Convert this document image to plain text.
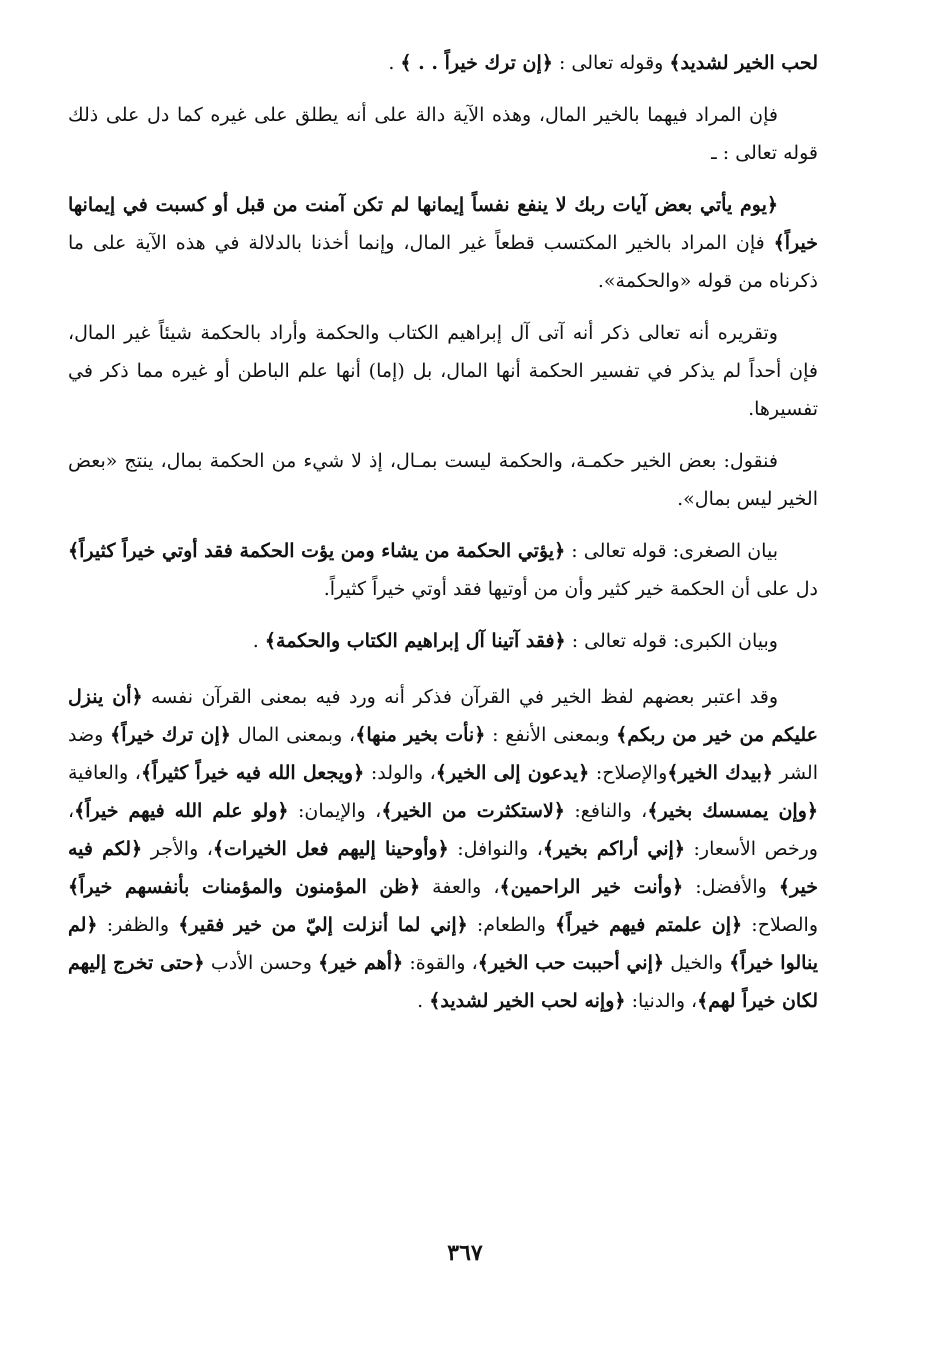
لحب الخير لشديد﴾ وقوله تعالى : ﴿إن ترك خيراً . . ﴾ .

فإن المراد فيهما بالخير المال، وهذه الآية دالة على أنه يطلق على غيره كما دل على ذلك قوله تعالى : ـ

﴿يوم يأتي بعض آيات ربك لا ينفع نفساً إيمانها لم تكن آمنت من قبل أو كسبت في إيمانها خيراً﴾ فإن المراد بالخير المكتسب قطعاً غير المال، وإنما أخذنا بالدلالة في هذه الآية على ما ذكرناه من قوله «والحكمة».

وتقريره أنه تعالى ذكر أنه آتى آل إبراهيم الكتاب والحكمة وأراد بالحكمة شيئاً غير المال، فإن أحداً لم يذكر في تفسير الحكمة أنها المال، بل (إما) أنها علم الباطن أو غيره مما ذكر في تفسيرها.

فنقول: بعض الخير حكمـة، والحكمة ليست بمـال، إذ لا شيء من الحكمة بمال، ينتج «بعض الخير ليس بمال».

بيان الصغرى: قوله تعالى : ﴿يؤتي الحكمة من يشاء ومن يؤت الحكمة فقد أوتي خيراً كثيراً﴾ دل على أن الحكمة خير كثير وأن من أوتيها فقد أوتي خيراً كثيراً.

وبيان الكبرى: قوله تعالى : ﴿فقد آتينا آل إبراهيم الكتاب والحكمة﴾ .

وقد اعتبر بعضهم لفظ الخير في القرآن فذكر أنه ورد فيه بمعنى القرآن نفسه ﴿أن ينزل عليكم من خير من ربكم﴾ وبمعنى الأنفع : ﴿نأت بخير منها﴾، وبمعنى المال ﴿إن ترك خيراً﴾ وضد الشر ﴿بيدك الخير﴾والإصلاح: ﴿يدعون إلى الخير﴾، والولد: ﴿ويجعل الله فيه خيراً كثيراً﴾، والعافية ﴿وإن يمسسك بخير﴾، والنافع: ﴿لاستكثرت من الخير﴾، والإيمان: ﴿ولو علم الله فيهم خيراً﴾، ورخص الأسعار: ﴿إني أراكم بخير﴾، والنوافل: ﴿وأوحينا إليهم فعل الخيرات﴾، والأجر ﴿لكم فيه خير﴾ والأفضل: ﴿وأنت خير الراحمين﴾، والعفة ﴿ظن المؤمنون والمؤمنات بأنفسهم خيراً﴾ والصلاح: ﴿إن علمتم فيهم خيراً﴾ والطعام: ﴿إني لما أنزلت إليّ من خير فقير﴾ والظفر: ﴿لم ينالوا خيراً﴾ والخيل ﴿إني أحببت حب الخير﴾، والقوة: ﴿أهم خير﴾ وحسن الأدب ﴿حتى تخرج إليهم لكان خيراً لهم﴾، والدنيا: ﴿وإنه لحب الخير لشديد﴾ .

٣٦٧
